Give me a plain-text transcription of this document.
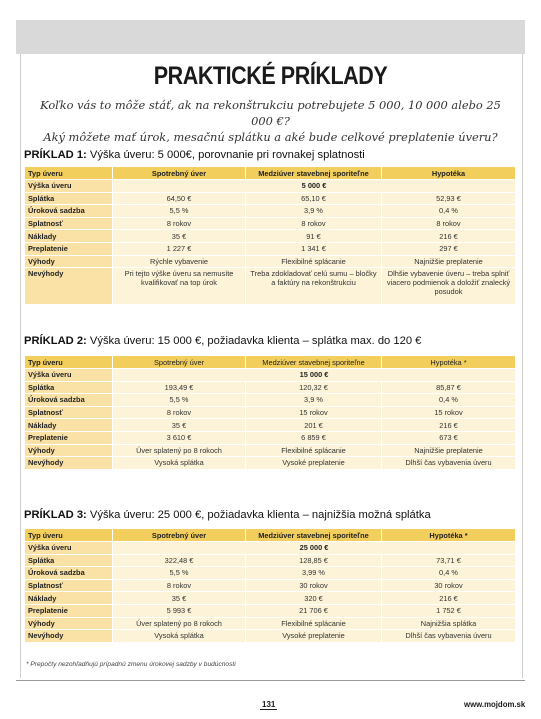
PRAKTICKÉ PRÍKLADY
Koľko vás to môže stáť, ak na rekonštrukciu potrebujete 5 000, 10 000 alebo 25 000 €?
Aký môžete mať úrok, mesačnú splátku a aké bude celkové preplatenie úveru?
PRÍKLAD 1: Výška úveru: 5 000€, porovnanie pri rovnakej splatnosti
Typ úveru	Spotrebný úver	Medziúver stavebnej sporiteľne	Hypotéka
Výška úveru	5 000 €		
Splátka	64,50 €	65,10 €	52,93 €
Úroková sadzba	5,5 %	3,9 %	0,4 %
Splatnosť	8 rokov	8 rokov	8 rokov
Náklady	35 €	91 €	216 €
Preplatenie	1 227 €	1 341 €	297 €
Výhody	Rýchle vybavenie	Flexibilné splácanie	Najnižšie preplatenie
Nevýhody	Pri tejto výške úveru sa nemusíte kvalifikovať na top úrok	Treba zdokladovať celú sumu – bločky a faktúry na rekonštrukciu	Dlhšie vybavenie úveru – treba splniť viacero podmienok a doložiť znalecký posudok
PRÍKLAD 2: Výška úveru: 15 000 €, požiadavka klienta – splátka max. do 120 €
Typ úveru	Spotrebný úver	Medziúver stavebnej sporiteľne	Hypotéka *
Výška úveru	15 000 €		
Splátka	193,49 €	120,32 €	85,87 €
Úroková sadzba	5,5 %	3,9 %	0,4 %
Splatnosť	8 rokov	15 rokov	15 rokov
Náklady	35 €	201 €	216 €
Preplatenie	3 610 €	6 859 €	673 €
Výhody	Úver splatený po 8 rokoch	Flexibilné splácanie	Najnižšie preplatenie
Nevýhody	Vysoká splátka	Vysoké preplatenie	Dlhší čas vybavenia úveru
PRÍKLAD 3: Výška úveru: 25 000 €, požiadavka klienta – najnižšia možná splátka
Typ úveru	Spotrebný úver	Medziúver stavebnej sporiteľne	Hypotéka *
Výška úveru	25 000 €		
Splátka	322,48 €	128,85 €	73,71 €
Úroková sadzba	5,5 %	3,99 %	0,4 %
Splatnosť	8 rokov	30 rokov	30 rokov
Náklady	35 €	320 €	216 €
Preplatenie	5 993 €	21 706 €	1 752 €
Výhody	Úver splatený po 8 rokoch	Flexibilné splácanie	Najnižšia splátka
Nevýhody	Vysoká splátka	Vysoké preplatenie	Dlhší čas vybavenia úveru
* Prepočty nezohľadňujú prípadnú zmenu úrokovej sadzby v budúcnosti
131	www.mojdom.sk
